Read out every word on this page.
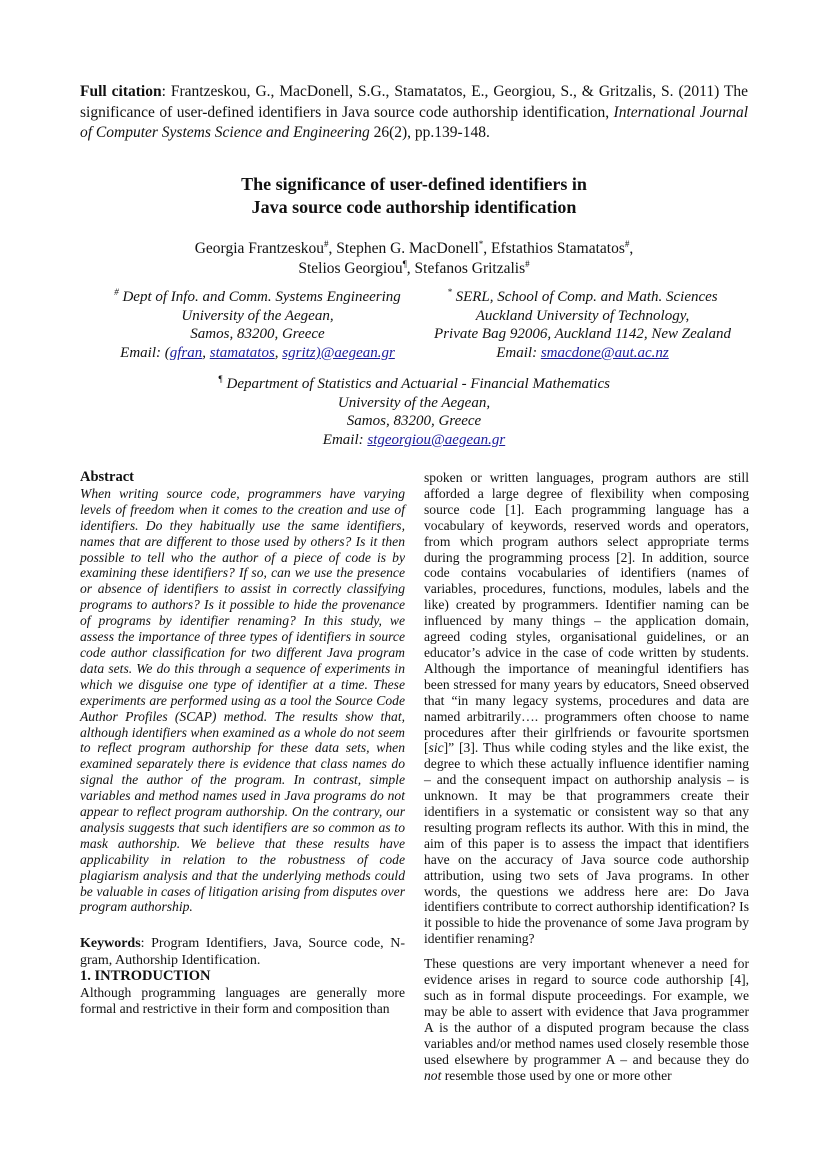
Full citation: Frantzeskou, G., MacDonell, S.G., Stamatatos, E., Georgiou, S., & Gritzalis, S. (2011) The significance of user-defined identifiers in Java source code authorship identification, International Journal of Computer Systems Science and Engineering 26(2), pp.139-148.
The significance of user-defined identifiers in
Java source code authorship identification
Georgia Frantzeskou#, Stephen G. MacDonell*, Efstathios Stamatatos#,
Stelios Georgiou¶, Stefanos Gritzalis#
# Dept of Info. and Comm. Systems Engineering
University of the Aegean,
Samos, 83200, Greece
Email: (gfran, stamatatos, sgritz)@aegean.gr
* SERL, School of Comp. and Math. Sciences
Auckland University of Technology,
Private Bag 92006, Auckland 1142, New Zealand
Email: smacdone@aut.ac.nz
¶ Department of Statistics and Actuarial - Financial Mathematics
University of the Aegean,
Samos, 83200, Greece
Email: stgeorgiou@aegean.gr

Abstract

When writing source code, programmers have varying levels of freedom when it comes to the creation and use of identifiers. Do they habitually use the same identifiers, names that are different to those used by others? Is it then possible to tell who the author of a piece of code is by examining these identifiers? If so, can we use the presence or absence of identifiers to assist in correctly classifying programs to authors? Is it possible to hide the provenance of programs by identifier renaming? In this study, we assess the importance of three types of identifiers in source code author classification for two different Java program data sets. We do this through a sequence of experiments in which we disguise one type of identifier at a time. These experiments are performed using as a tool the Source Code Author Profiles (SCAP) method. The results show that, although identifiers when examined as a whole do not seem to reflect program authorship for these data sets, when examined separately there is evidence that class names do signal the author of the program. In contrast, simple variables and method names used in Java programs do not appear to reflect program authorship. On the contrary, our analysis suggests that such identifiers are so common as to mask authorship. We believe that these results have applicability in relation to the robustness of code plagiarism analysis and that the underlying methods could be valuable in cases of litigation arising from disputes over program authorship.

Keywords: Program Identifiers, Java, Source code, N-gram, Authorship Identification.

1. INTRODUCTION

Although programming languages are generally more formal and restrictive in their form and composition than

spoken or written languages, program authors are still afforded a large degree of flexibility when composing source code [1]. Each programming language has a vocabulary of keywords, reserved words and operators, from which program authors select appropriate terms during the programming process [2]. In addition, source code contains vocabularies of identifiers (names of variables, procedures, functions, modules, labels and the like) created by programmers. Identifier naming can be influenced by many things – the application domain, agreed coding styles, organisational guidelines, or an educator’s advice in the case of code written by students. Although the importance of meaningful identifiers has been stressed for many years by educators, Sneed observed that “in many legacy systems, procedures and data are named arbitrarily…. programmers often choose to name procedures after their girlfriends or favourite sportsmen [sic]” [3]. Thus while coding styles and the like exist, the degree to which these actually influence identifier naming – and the consequent impact on authorship analysis – is unknown. It may be that programmers create their identifiers in a systematic or consistent way so that any resulting program reflects its author. With this in mind, the aim of this paper is to assess the impact that identifiers have on the accuracy of Java source code authorship attribution, using two sets of Java programs. In other words, the questions we address here are: Do Java identifiers contribute to correct authorship identification? Is it possible to hide the provenance of some Java program by identifier renaming?

These questions are very important whenever a need for evidence arises in regard to source code authorship [4], such as in formal dispute proceedings. For example, we may be able to assert with evidence that Java programmer A is the author of a disputed program because the class variables and/or method names used closely resemble those used elsewhere by programmer A – and because they do not resemble those used by one or more other
